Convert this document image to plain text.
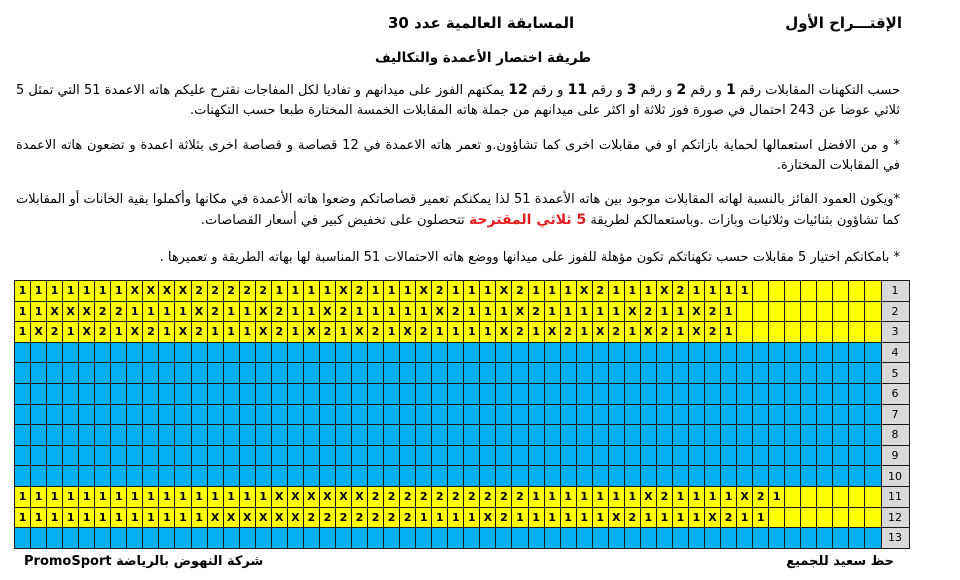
الإقتـــراح الأول
المسابقة العالمية عدد 30
طريقة اختصار الأعمدة والتكاليف
حسب التكهنات المقابلات رقم 1 و رقم 2 و رقم 3 و رقم 11 و رقم 12 يمكنهم الفوز على ميدانهم و تفاديا لكل المفاجات نقترح عليكم هاته الاعمدة 51 التي تمثل 5 ثلاثي عوضا عن 243 احتمال في صورة فوز ثلاثة او اكثر على ميدانهم من جملة هاته المقابلات الخمسة المختارة طبعا حسب التكهنات.
* و من الافضل استعمالها لحماية بازاتكم او في مقابلات اخرى كما تشاؤون.و تعمر هاته الاعمدة في 12 قصاصة و قصاصة اخرى بثلاثة اعمدة و تضعون هاته الاعمدة في المقابلات المختارة.
*ويكون العمود الفائز بالنسبة لهاته المقابلات موجود بين هاته الأعمدة 51 لذا يمكنكم تعمير قصاصاتكم وضعوا هاته الأعمدة في مكانها وأكملوا بقية الخانات أو المقابلات كما تشاؤون بثنائيات وثلاثيات وبازات .وباستعمالكم لطريقة 5 ثلاثي المقترحة تتحصلون على تخفيض كبير في أسعار القصاصات.
* بامكانكم اختيار 5 مقابلات حسب تكهناتكم تكون مؤهلة للفوز على ميدانها ووضع هاته الاحتمالات 51 المناسبة لها بهاته الطريقة و تعميرها .
1	1	1	1	1	1	1	X	X	X	X	2	2	2	2	2	1	1	1	1	X	2	1	1	1	X	2	1	1	1	X	2	1	1	1	X	2	1	1	1	X	2	1	1	1	1									1
1	1	X	X	X	2	2	1	1	1	1	X	2	1	1	X	2	1	1	X	2	1	1	1	1	1	X	2	1	1	1	X	2	1	1	1	1	1	X	2	1	1	X	2	1										2
1	X	2	1	X	2	1	X	2	1	X	2	1	1	1	X	2	1	X	2	1	X	2	1	X	2	1	1	1	1	X	2	1	X	2	1	X	2	1	X	2	1	X	2	1										3
																																																						4
																																																						5
																																																						6
																																																						7
																																																						8
																																																						9
																																																						10
1	1	1	1	1	1	1	1	1	1	1	1	1	1	1	1	X	X	X	X	X	X	2	2	2	2	2	2	2	2	2	2	1	1	1	1	1	1	1	X	2	1	1	1	1	X	2	1							11
1	1	1	1	1	1	1	1	1	1	1	1	X	X	X	X	X	X	2	2	2	2	2	2	2	1	1	1	1	X	2	1	1	1	1	1	1	X	2	1	1	1	1	X	2	1	1								12
																																																						13
شركة النهوض بالرياضة PromoSport	حظ سعيد للجميع
